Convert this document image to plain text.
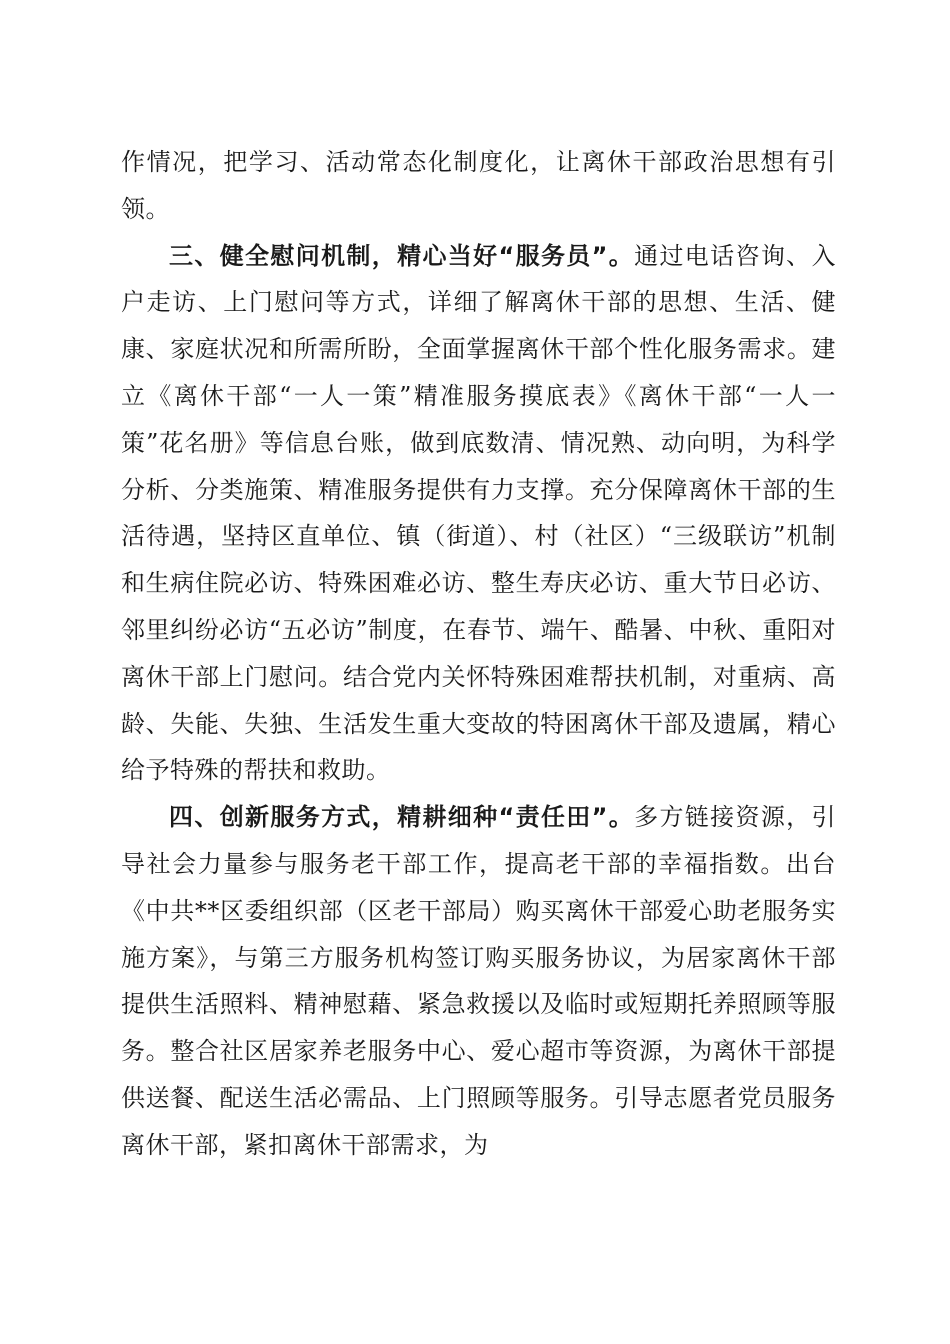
作情况，把学习、活动常态化制度化，让离休干部政治思想有引领。

三、健全慰问机制，精心当好“服务员”。通过电话咨询、入户走访、上门慰问等方式，详细了解离休干部的思想、生活、健康、家庭状况和所需所盼，全面掌握离休干部个性化服务需求。建立《离休干部“一人一策”精准服务摸底表》《离休干部“一人一策”花名册》等信息台账，做到底数清、情况熟、动向明，为科学分析、分类施策、精准服务提供有力支撑。充分保障离休干部的生活待遇，坚持区直单位、镇（街道）、村（社区）“三级联访”机制和生病住院必访、特殊困难必访、整生寿庆必访、重大节日必访、邻里纠纷必访“五必访”制度，在春节、端午、酷暑、中秋、重阳对离休干部上门慰问。结合党内关怀特殊困难帮扶机制，对重病、高龄、失能、失独、生活发生重大变故的特困离休干部及遗属，精心给予特殊的帮扶和救助。

四、创新服务方式，精耕细种“责任田”。多方链接资源，引导社会力量参与服务老干部工作，提高老干部的幸福指数。出台《中共**区委组织部（区老干部局）购买离休干部爱心助老服务实施方案》，与第三方服务机构签订购买服务协议，为居家离休干部提供生活照料、精神慰藉、紧急救援以及临时或短期托养照顾等服务。整合社区居家养老服务中心、爱心超市等资源，为离休干部提供送餐、配送生活必需品、上门照顾等服务。引导志愿者党员服务离休干部，紧扣离休干部需求，为
